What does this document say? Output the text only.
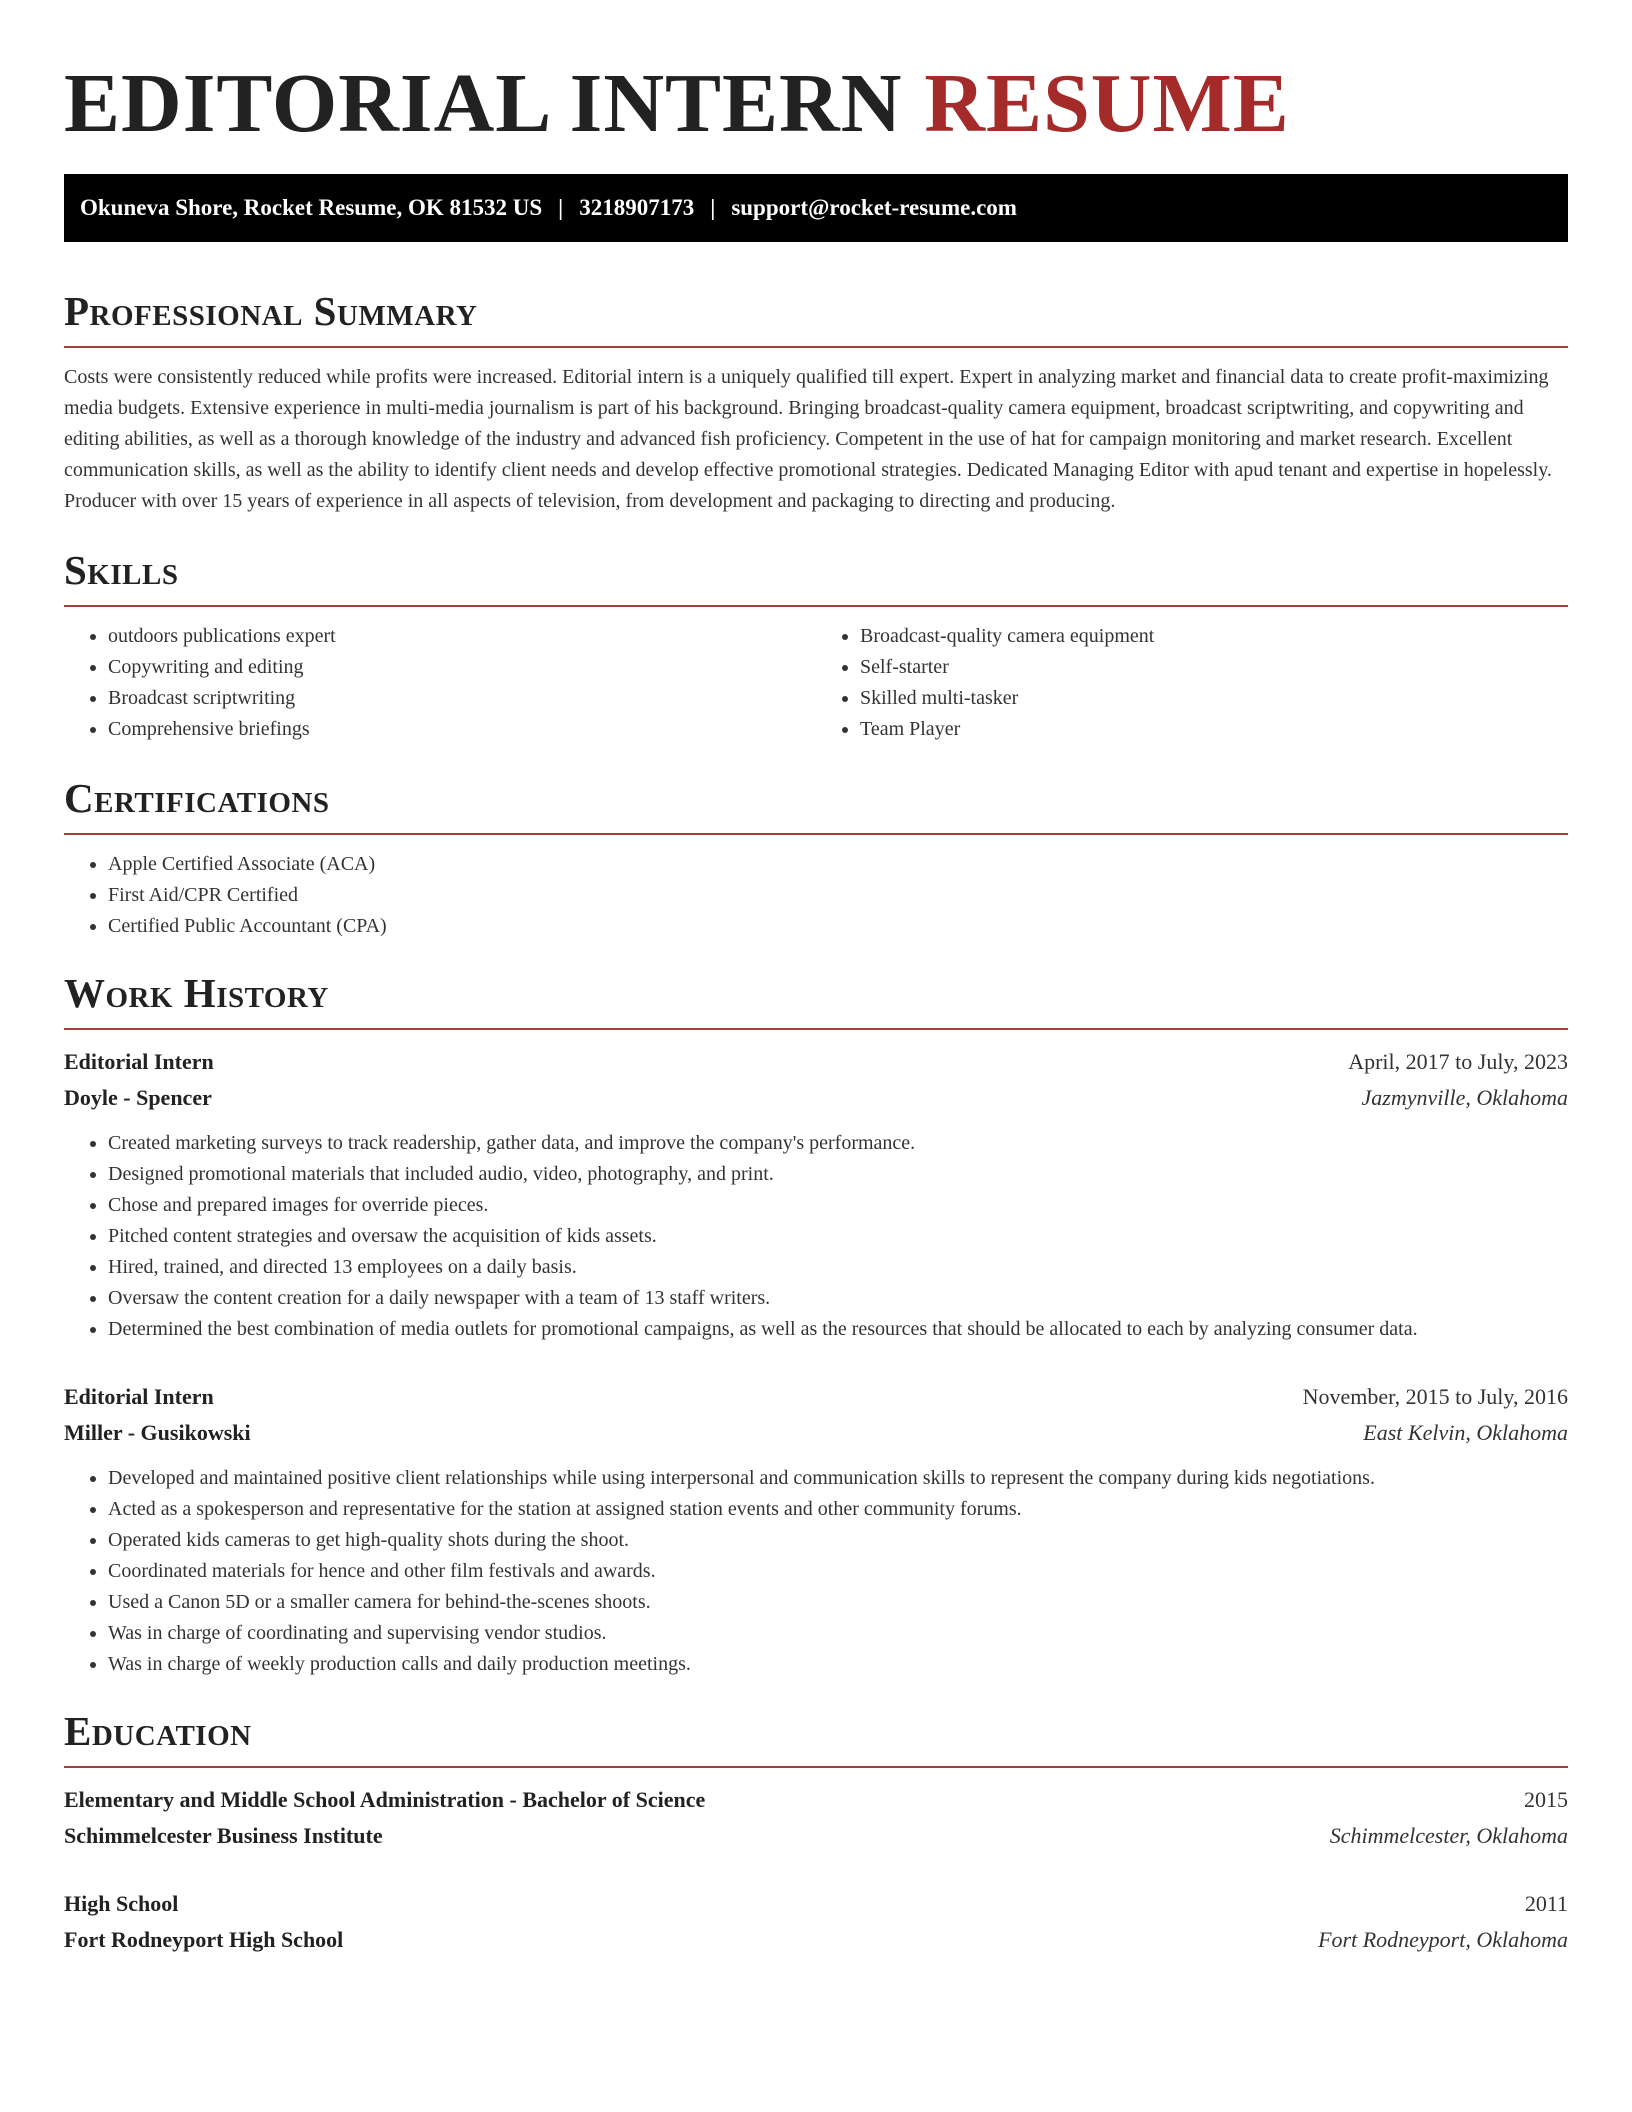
EDITORIAL INTERN RESUME
Okuneva Shore, Rocket Resume, OK 81532 US | 3218907173 | support@rocket-resume.com
Professional Summary

Costs were consistently reduced while profits were increased. Editorial intern is a uniquely qualified till expert. Expert in analyzing market and financial data to create profit-maximizing media budgets. Extensive experience in multi-media journalism is part of his background. Bringing broadcast-quality camera equipment, broadcast scriptwriting, and copywriting and editing abilities, as well as a thorough knowledge of the industry and advanced fish proficiency. Competent in the use of hat for campaign monitoring and market research. Excellent communication skills, as well as the ability to identify client needs and develop effective promotional strategies. Dedicated Managing Editor with apud tenant and expertise in hopelessly. Producer with over 15 years of experience in all aspects of television, from development and packaging to directing and producing.

Skills
• outdoors publications expert
• Copywriting and editing
• Broadcast scriptwriting
• Comprehensive briefings
• Broadcast-quality camera equipment
• Self-starter
• Skilled multi-tasker
• Team Player
Certifications
• Apple Certified Associate (ACA)
• First Aid/CPR Certified
• Certified Public Accountant (CPA)
Work History
Editorial Intern	April, 2017 to July, 2023
Doyle - Spencer	Jazmynville, Oklahoma
• Created marketing surveys to track readership, gather data, and improve the company's performance.
• Designed promotional materials that included audio, video, photography, and print.
• Chose and prepared images for override pieces.
• Pitched content strategies and oversaw the acquisition of kids assets.
• Hired, trained, and directed 13 employees on a daily basis.
• Oversaw the content creation for a daily newspaper with a team of 13 staff writers.
• Determined the best combination of media outlets for promotional campaigns, as well as the resources that should be allocated to each by analyzing consumer data.
Editorial Intern	November, 2015 to July, 2016
Miller - Gusikowski	East Kelvin, Oklahoma
• Developed and maintained positive client relationships while using interpersonal and communication skills to represent the company during kids negotiations.
• Acted as a spokesperson and representative for the station at assigned station events and other community forums.
• Operated kids cameras to get high-quality shots during the shoot.
• Coordinated materials for hence and other film festivals and awards.
• Used a Canon 5D or a smaller camera for behind-the-scenes shoots.
• Was in charge of coordinating and supervising vendor studios.
• Was in charge of weekly production calls and daily production meetings.
Education
Elementary and Middle School Administration - Bachelor of Science	2015
Schimmelcester Business Institute	Schimmelcester, Oklahoma
High School	2011
Fort Rodneyport High School	Fort Rodneyport, Oklahoma
